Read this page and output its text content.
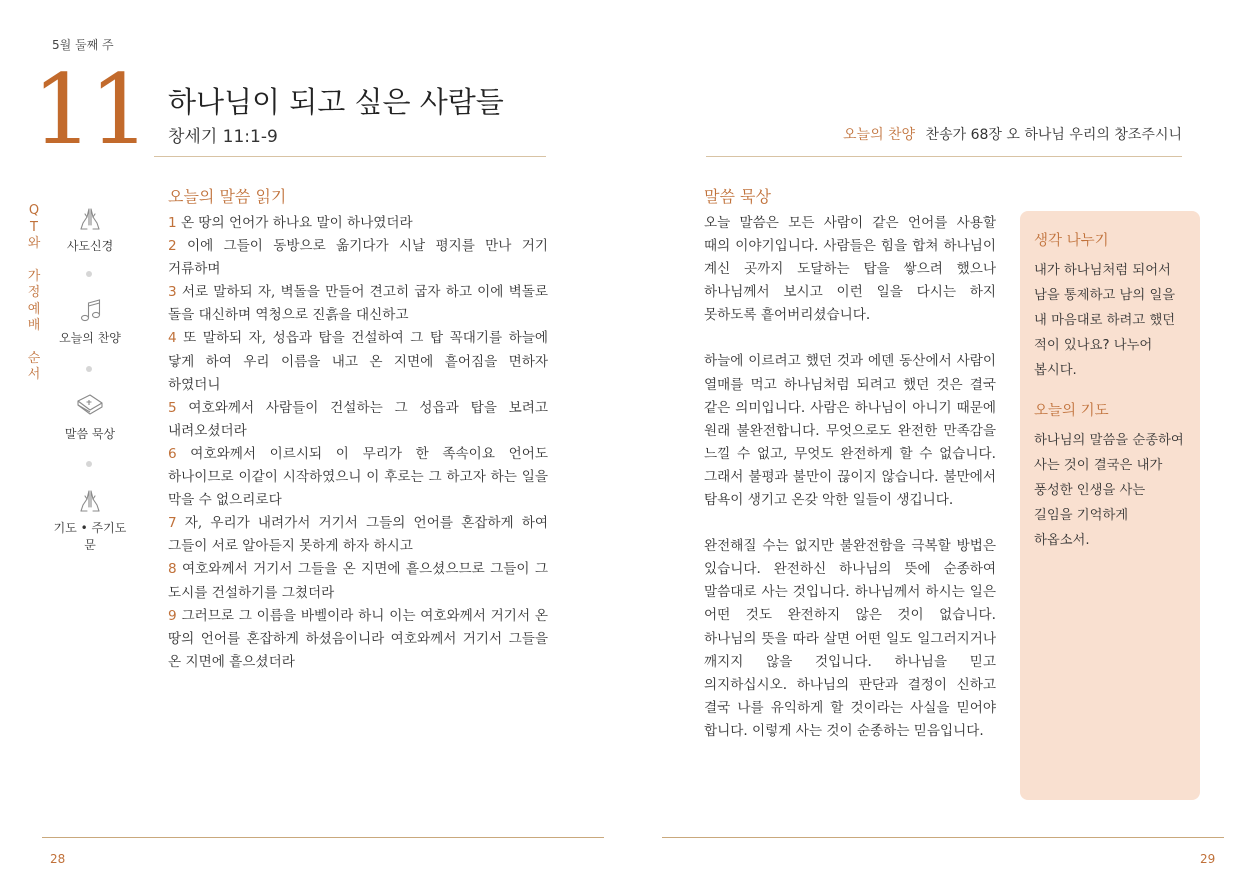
5월 둘째 주
11 하나님이 되고 싶은 사람들
창세기 11:1-9	오늘의 찬양 찬송가 68장 오 하나님 우리의 창조주시니
Q
T
와
가
정
예
배
순
서
사도신경
오늘의 찬양
말씀 묵상
기도 • 주기도문
오늘의 말씀 읽기

1 온 땅의 언어가 하나요 말이 하나였더라

2 이에 그들이 동방으로 옮기다가 시날 평지를 만나 거기 거류하며

3 서로 말하되 자, 벽돌을 만들어 견고히 굽자 하고 이에 벽돌로 돌을 대신하며 역청으로 진흙을 대신하고

4 또 말하되 자, 성읍과 탑을 건설하여 그 탑 꼭대기를 하늘에 닿게 하여 우리 이름을 내고 온 지면에 흩어짐을 면하자 하였더니

5 여호와께서 사람들이 건설하는 그 성읍과 탑을 보려고 내려오셨더라

6 여호와께서 이르시되 이 무리가 한 족속이요 언어도 하나이므로 이같이 시작하였으니 이 후로는 그 하고자 하는 일을 막을 수 없으리로다

7 자, 우리가 내려가서 거기서 그들의 언어를 혼잡하게 하여 그들이 서로 알아듣지 못하게 하자 하시고

8 여호와께서 거기서 그들을 온 지면에 흩으셨으므로 그들이 그 도시를 건설하기를 그쳤더라

9 그러므로 그 이름을 바벨이라 하니 이는 여호와께서 거기서 온 땅의 언어를 혼잡하게 하셨음이니라 여호와께서 거기서 그들을 온 지면에 흩으셨더라

말씀 묵상

오늘 말씀은 모든 사람이 같은 언어를 사용할 때의 이야기입니다. 사람들은 힘을 합쳐 하나님이 계신 곳까지 도달하는 탑을 쌓으려 했으나 하나님께서 보시고 이런 일을 다시는 하지 못하도록 흩어버리셨습니다.

하늘에 이르려고 했던 것과 에덴 동산에서 사람이 열매를 먹고 하나님처럼 되려고 했던 것은 결국 같은 의미입니다. 사람은 하나님이 아니기 때문에 원래 불완전합니다. 무엇으로도 완전한 만족감을 느낄 수 없고, 무엇도 완전하게 할 수 없습니다. 그래서 불평과 불만이 끊이지 않습니다. 불만에서 탐욕이 생기고 온갖 악한 일들이 생깁니다.

완전해질 수는 없지만 불완전함을 극복할 방법은 있습니다. 완전하신 하나님의 뜻에 순종하여 말씀대로 사는 것입니다. 하나님께서 하시는 일은 어떤 것도 완전하지 않은 것이 없습니다. 하나님의 뜻을 따라 살면 어떤 일도 일그러지거나 깨지지 않을 것입니다. 하나님을 믿고 의지하십시오. 하나님의 판단과 결정이 신하고 결국 나를 유익하게 할 것이라는 사실을 믿어야 합니다. 이렇게 사는 것이 순종하는 믿음입니다.

생각 나누기
내가 하나님처럼 되어서 남을 통제하고 남의 일을 내 마음대로 하려고 했던 적이 있나요? 나누어 봅시다.
오늘의 기도
하나님의 말씀을 순종하여 사는 것이 결국은 내가 풍성한 인생을 사는 길임을 기억하게 하옵소서.
28	29
